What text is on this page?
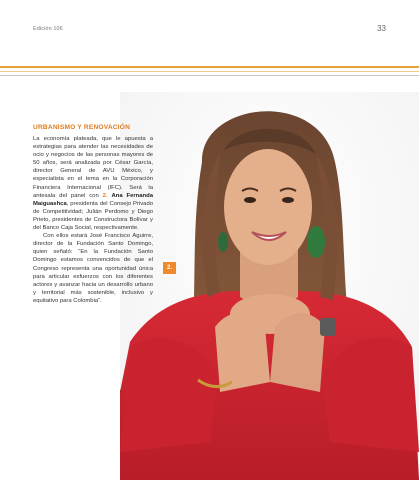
Edición 106	33
2.
URBANISMO Y RENOVACIÓN

La economía plateada, que le apuesta a estrategias para atender las necesidades de ocio y negocios de las personas mayores de 50 años, será analizada por César García, director General de AVU México, y especialista en el tema en la Corporación Financiera Internacional (IFC). Será la antesala del panel con 2. Ana Fernanda Maiguashca, presidenta del Consejo Privado de Competitividad; Julián Perdomo y Diego Prieto, presidentes de Constructora Bolívar y del Banco Caja Social, respectivamente.

Con ellos estará José Francisco Aguirre, director de la Fundación Santo Domingo, quien señaló: “En la Fundación Santo Domingo estamos convencidos de que el Congreso representa una oportunidad única para articular esfuerzos con los diferentes actores y avanzar hacia un desarrollo urbano y territorial más sostenible, inclusivo y equitativo para Colombia”.
